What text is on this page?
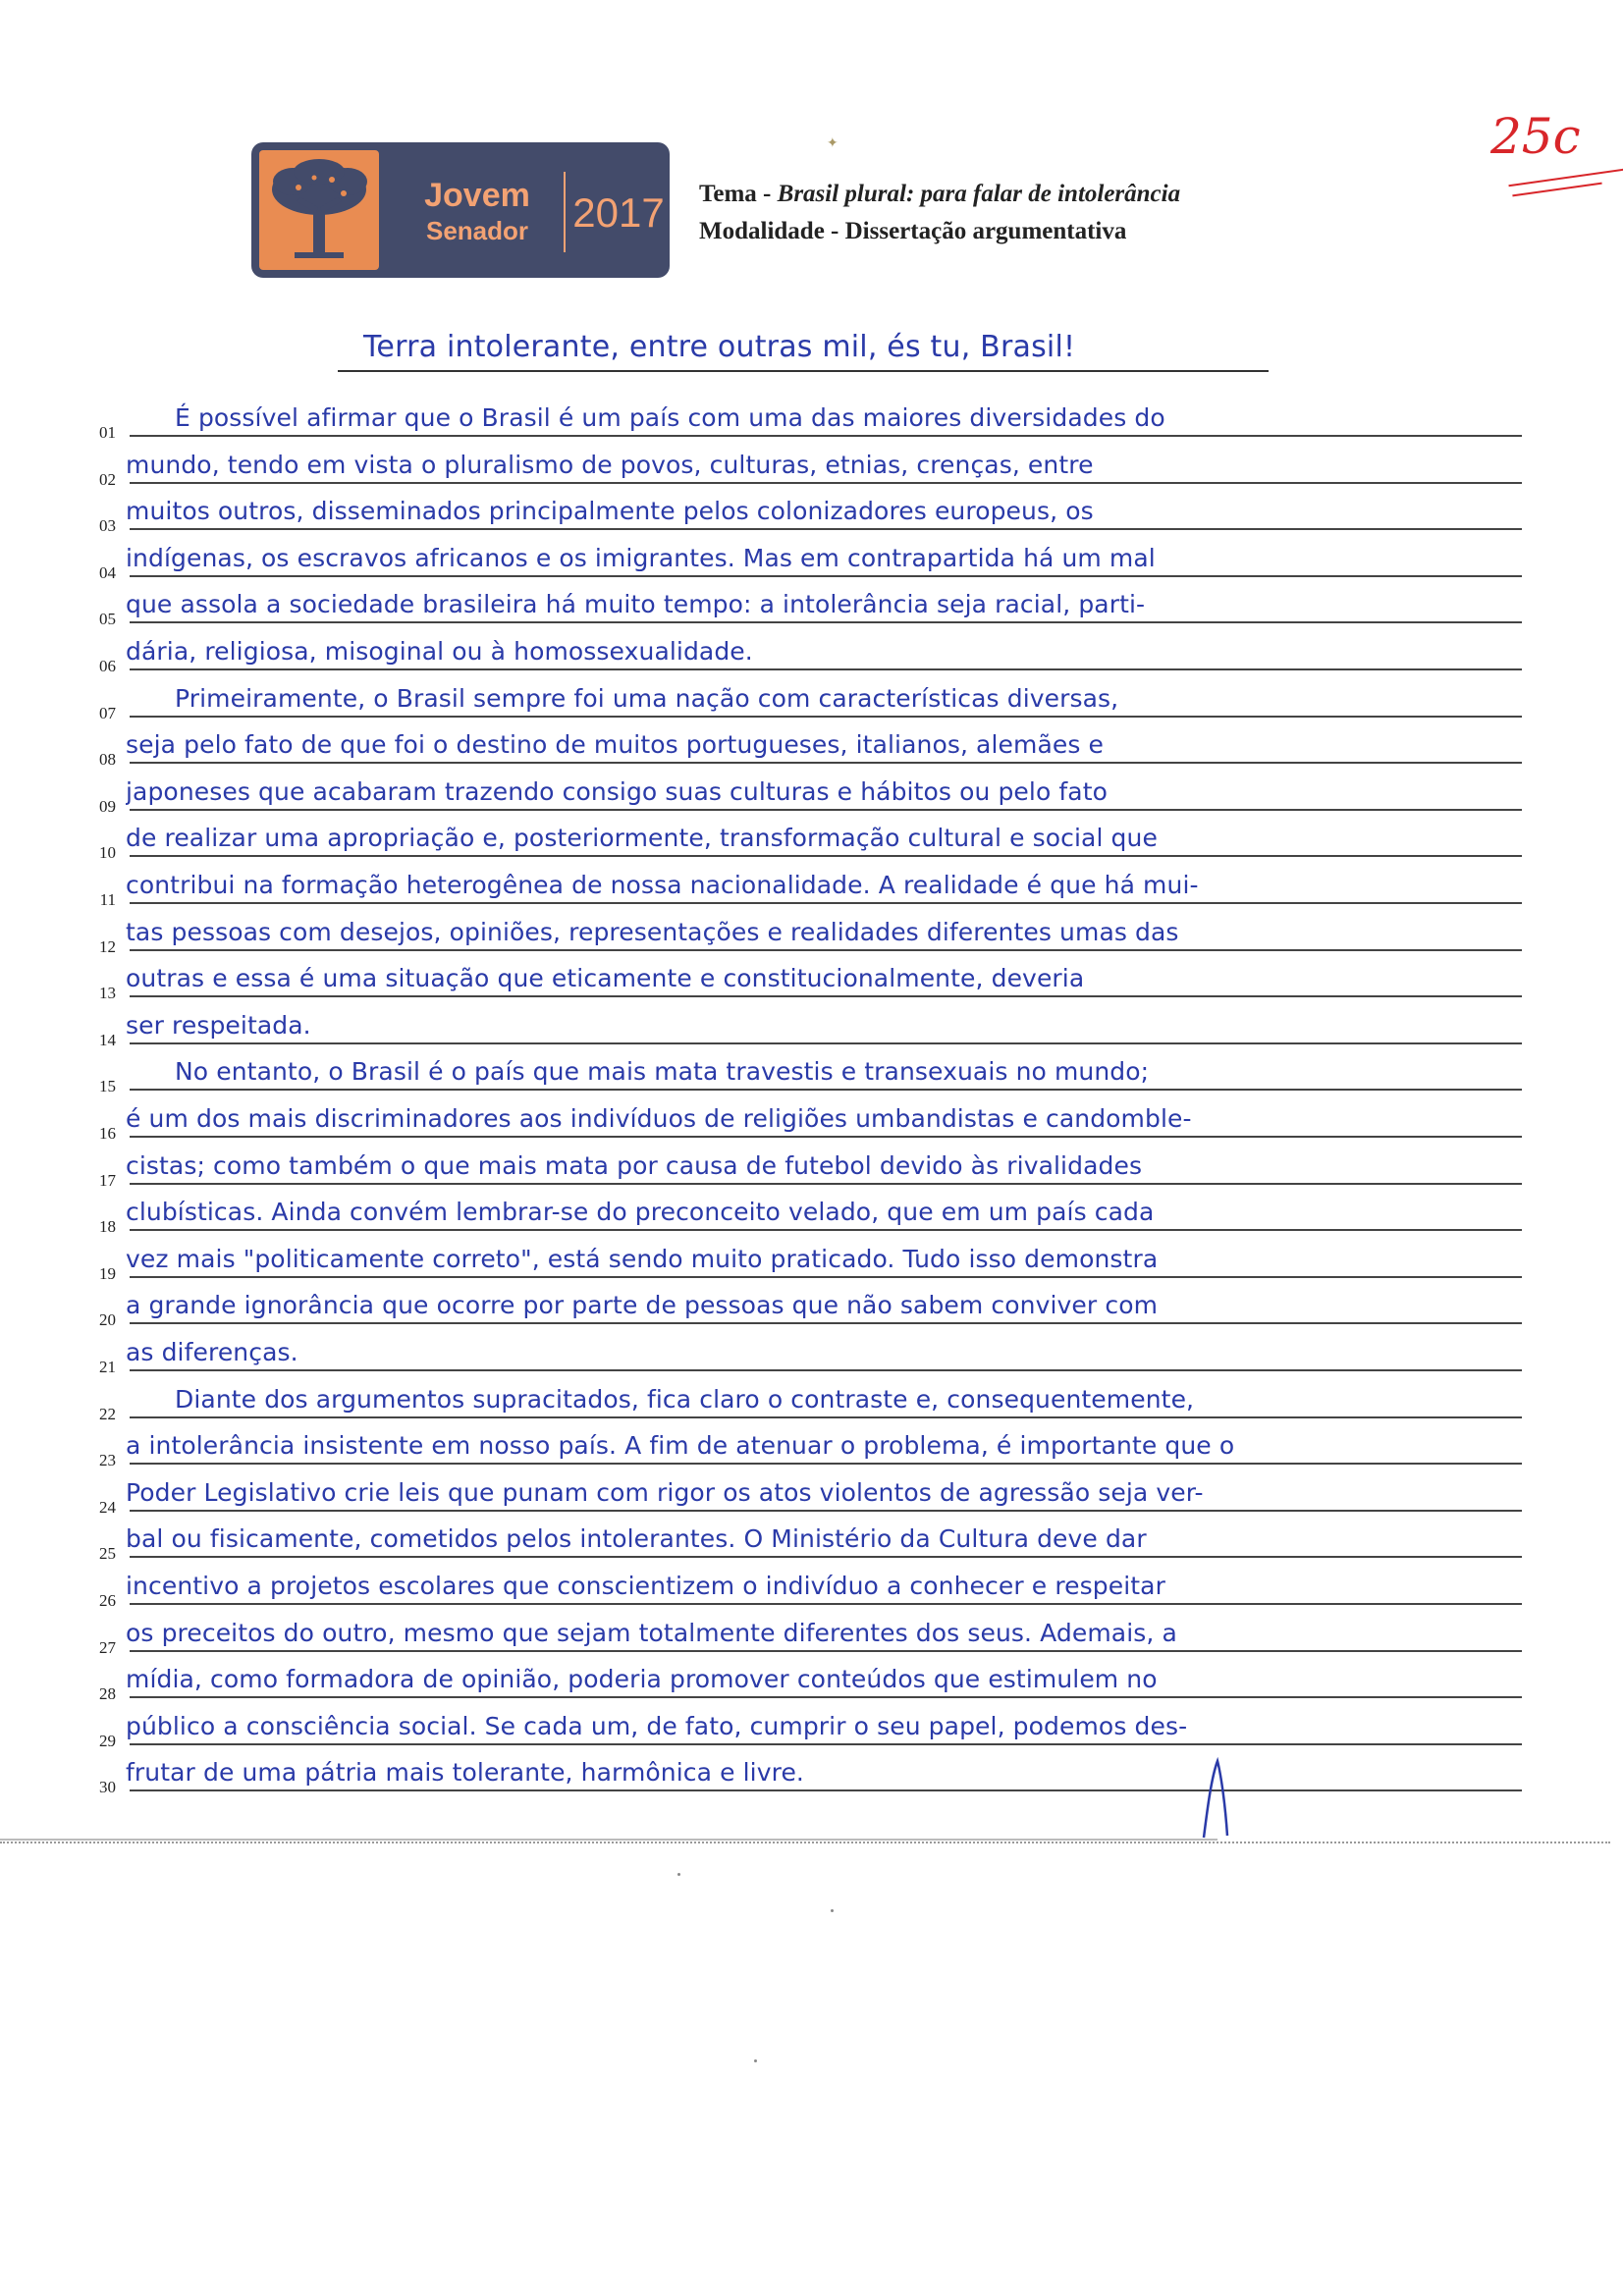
Jovem
Senador	2017 Tema - Brasil plural: para falar de intolerância
Modalidade - Dissertação argumentativa
✦	25c
Terra intolerante, entre outras mil, és tu, Brasil!
01
É possível afirmar que o Brasil é um país com uma das maiores diversidades do
02
mundo, tendo em vista o pluralismo de povos, culturas, etnias, crenças, entre
03
muitos outros, disseminados principalmente pelos colonizadores europeus, os
04
indígenas, os escravos africanos e os imigrantes. Mas em contrapartida há um mal
05
que assola a sociedade brasileira há muito tempo: a intolerância seja racial, parti-
06
dária, religiosa, misoginal ou à homossexualidade.
07
Primeiramente, o Brasil sempre foi uma nação com características diversas,
08
seja pelo fato de que foi o destino de muitos portugueses, italianos, alemães e
09
japoneses que acabaram trazendo consigo suas culturas e hábitos ou pelo fato
10
de realizar uma apropriação e, posteriormente, transformação cultural e social que
11
contribui na formação heterogênea de nossa nacionalidade. A realidade é que há mui-
12
tas pessoas com desejos, opiniões, representações e realidades diferentes umas das
13
outras e essa é uma situação que eticamente e constitucionalmente, deveria
14
ser respeitada.
15
No entanto, o Brasil é o país que mais mata travestis e transexuais no mundo;
16
é um dos mais discriminadores aos indivíduos de religiões umbandistas e candomble-
17
cistas; como também o que mais mata por causa de futebol devido às rivalidades
18
clubísticas. Ainda convém lembrar-se do preconceito velado, que em um país cada
19
vez mais "politicamente correto", está sendo muito praticado. Tudo isso demonstra
20
a grande ignorância que ocorre por parte de pessoas que não sabem conviver com
21
as diferenças.
22
Diante dos argumentos supracitados, fica claro o contraste e, consequentemente,
23
a intolerância insistente em nosso país. A fim de atenuar o problema, é importante que o
24
Poder Legislativo crie leis que punam com rigor os atos violentos de agressão seja ver-
25
bal ou fisicamente, cometidos pelos intolerantes. O Ministério da Cultura deve dar
26
incentivo a projetos escolares que conscientizem o indivíduo a conhecer e respeitar
27
os preceitos do outro, mesmo que sejam totalmente diferentes dos seus. Ademais, a
28
mídia, como formadora de opinião, poderia promover conteúdos que estimulem no
29
público a consciência social. Se cada um, de fato, cumprir o seu papel, podemos des-
30
frutar de uma pátria mais tolerante, harmônica e livre.
